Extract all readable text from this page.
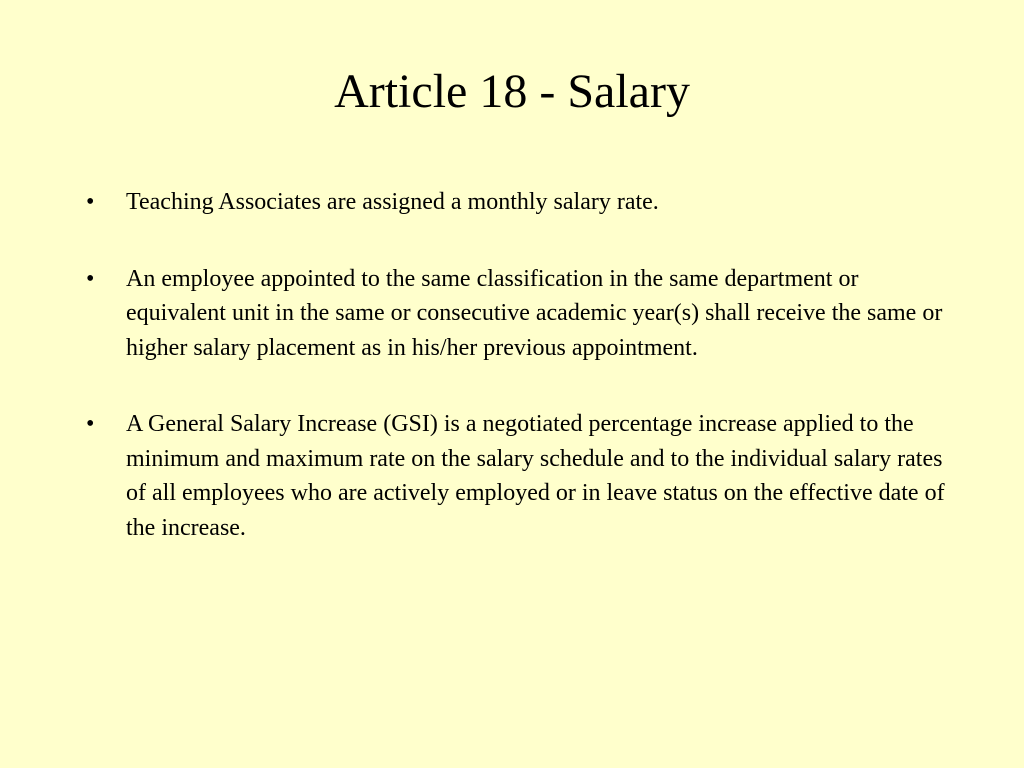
Article 18 - Salary
•	Teaching Associates are assigned a monthly salary rate.
•	An employee appointed to the same classification in the same department or equivalent unit in the same or consecutive academic year(s) shall receive the same or higher salary placement as in his/her previous appointment.
•	A General Salary Increase (GSI) is a negotiated percentage increase applied to the minimum and maximum rate on the salary schedule and to the individual salary rates of all employees who are actively employed or in leave status on the effective date of the increase.
